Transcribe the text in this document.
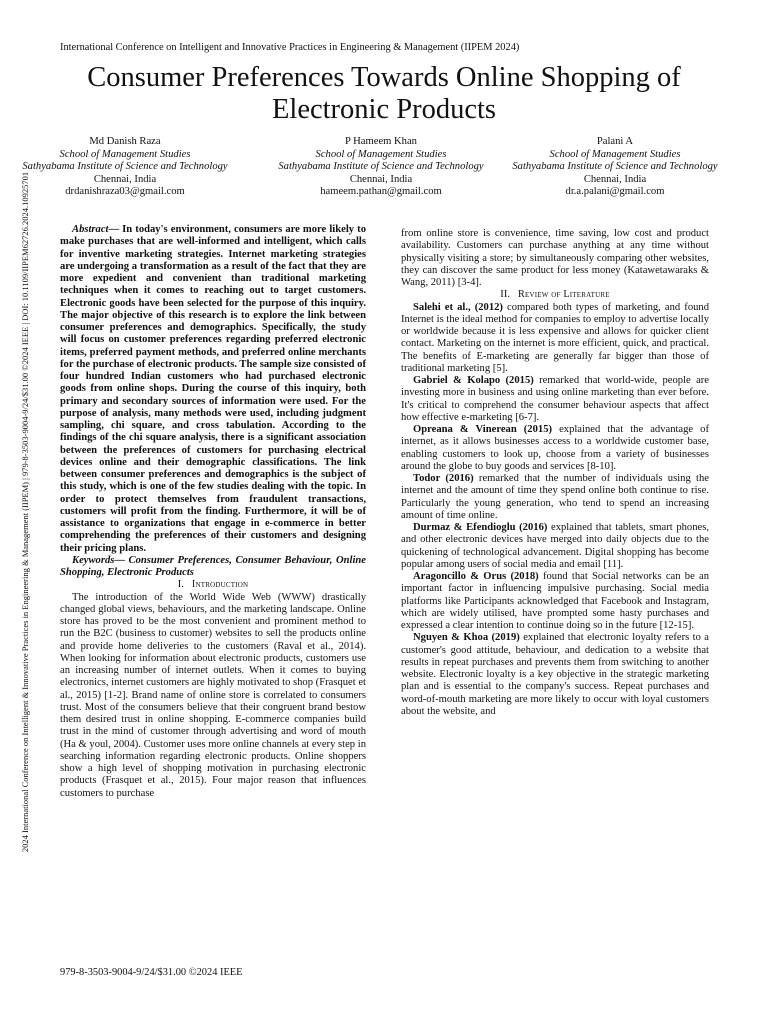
International Conference on Intelligent and Innovative Practices in Engineering & Management (IIPEM 2024)
Consumer Preferences Towards Online Shopping of Electronic Products
2024 International Conference on Intelligent & Innovative Practices in Engineering & Management (IIPEM) | 979-8-3503-9004-9/24/$31.00 ©2024 IEEE | DOI: 10.1109/IIPEM62726.2024.10925701
Md Danish Raza
School of Management Studies
Sathyabama Institute of Science and Technology
Chennai, India
drdanishraza03@gmail.com
P Hameem Khan
School of Management Studies
Sathyabama Institute of Science and Technology
Chennai, India
hameem.pathan@gmail.com
Palani A
School of Management Studies
Sathyabama Institute of Science and Technology
Chennai, India
dr.a.palani@gmail.com

Abstract— In today's environment, consumers are more likely to make purchases that are well-informed and intelligent, which calls for inventive marketing strategies. Internet marketing strategies are undergoing a transformation as a result of the fact that they are more expedient and convenient than traditional marketing techniques when it comes to reaching out to target customers. Electronic goods have been selected for the purpose of this inquiry. The major objective of this research is to explore the link between consumer preferences and demographics. Specifically, the study will focus on customer preferences regarding preferred electronic items, preferred payment methods, and preferred online merchants for the purchase of electronic products. The sample size consisted of four hundred Indian customers who had purchased electronic goods from online shops. During the course of this inquiry, both primary and secondary sources of information were used. For the purpose of analysis, many methods were used, including judgment sampling, chi square, and cross tabulation. According to the findings of the chi square analysis, there is a significant association between the preferences of customers for purchasing electrical devices online and their demographic classifications. The link between consumer preferences and demographics is the subject of this study, which is one of the few studies dealing with the topic. In order to protect themselves from fraudulent transactions, customers will profit from the finding. Furthermore, it will be of assistance to organizations that engage in e-commerce in better comprehending the preferences of their customers and designing their pricing plans.

Keywords— Consumer Preferences, Consumer Behaviour, Online Shopping, Electronic Products

I. Introduction

The introduction of the World Wide Web (WWW) drastically changed global views, behaviours, and the marketing landscape. Online store has proved to be the most convenient and prominent method to run the B2C (business to customer) websites to sell the products online and provide home deliveries to the customers (Raval et al., 2014). When looking for information about electronic products, customers use an increasing number of internet outlets. When it comes to buying electronics, internet customers are highly motivated to shop (Frasquet et al., 2015) [1-2]. Brand name of online store is correlated to consumers trust. Most of the consumers believe that their congruent brand bestow them desired trust in online shopping. E-commerce companies build trust in the mind of customer through advertising and word of mouth (Ha & youl, 2004). Customer uses more online channels at every step in searching information regarding electronic products. Online shoppers show a high level of shopping motivation in purchasing electronic products (Frasquet et al., 2015). Four major reason that influences customers to purchase

from online store is convenience, time saving, low cost and product availability. Customers can purchase anything at any time without physically visiting a store; by simultaneously comparing other websites, they can discover the same product for less money (Katawetawaraks & Wang, 2011) [3-4].

II. Review of Literature

Salehi et al., (2012) compared both types of marketing, and found Internet is the ideal method for companies to employ to advertise locally or worldwide because it is less expensive and allows for quicker client contact. Marketing on the internet is more efficient, quick, and practical. The benefits of E-marketing are generally far bigger than those of traditional marketing [5].

Gabriel & Kolapo (2015) remarked that world-wide, people are investing more in business and using online marketing than ever before. It's critical to comprehend the consumer behaviour aspects that affect how effective e-marketing [6-7].

Opreana & Vinerean (2015) explained that the advantage of internet, as it allows businesses access to a worldwide customer base, enabling customers to look up, choose from a variety of businesses around the globe to buy goods and services [8-10].

Todor (2016) remarked that the number of individuals using the internet and the amount of time they spend online both continue to rise. Particularly the young generation, who tend to spend an increasing amount of time online.

Durmaz & Efendioglu (2016) explained that tablets, smart phones, and other electronic devices have merged into daily objects due to the quickening of technological advancement. Digital shopping has become popular among users of social media and email [11].

Aragoncillo & Orus (2018) found that Social networks can be an important factor in influencing impulsive purchasing. Social media platforms like Participants acknowledged that Facebook and Instagram, which are widely utilised, have prompted some hasty purchases and expressed a clear intention to continue doing so in the future [12-15].

Nguyen & Khoa (2019) explained that electronic loyalty refers to a customer's good attitude, behaviour, and dedication to a website that results in repeat purchases and prevents them from switching to another website. Electronic loyalty is a key objective in the strategic marketing plan and is essential to the company's success. Repeat purchases and word-of-mouth marketing are more likely to occur with loyal customers about the website, and

979-8-3503-9004-9/24/$31.00 ©2024 IEEE
